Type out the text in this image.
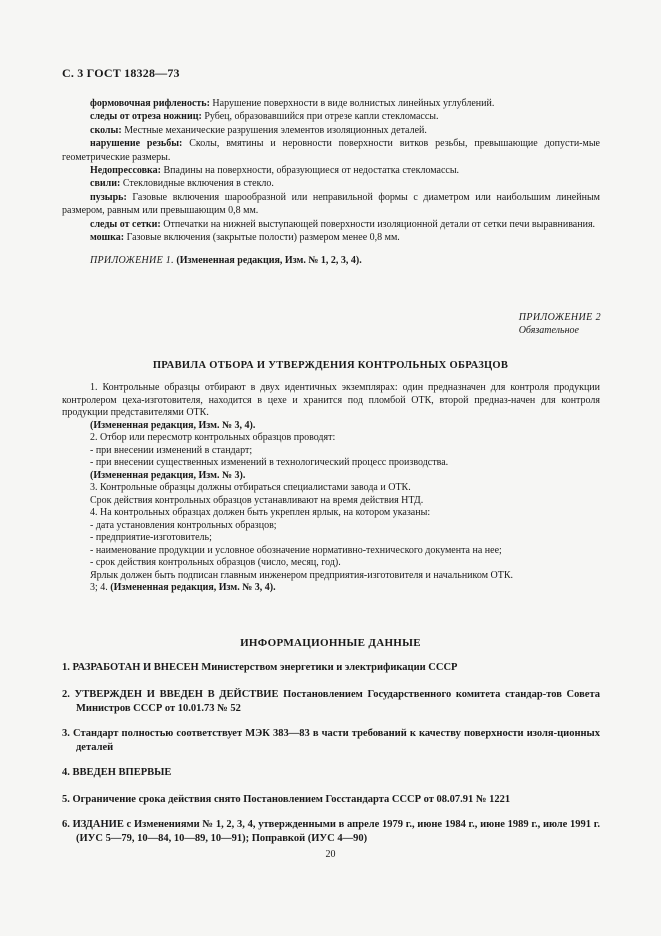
С. 3 ГОСТ 18328—73

формовочная рифленость: Нарушение поверхности в виде волнистых линейных углублений.

следы от отреза ножниц: Рубец, образовавшийся при отрезе капли стекломассы.

сколы: Местные механические разрушения элементов изоляционных деталей.

нарушение резьбы: Сколы, вмятины и неровности поверхности витков резьбы, превышающие допусти-мые геометрические размеры.

Недопрессовка: Впадины на поверхности, образующиеся от недостатка стекломассы.

свили: Стекловидные включения в стекло.

пузырь: Газовые включения шарообразной или неправильной формы с диаметром или наибольшим линейным размером, равным или превышающим 0,8 мм.

следы от сетки: Отпечатки на нижней выступающей поверхности изоляционной детали от сетки печи выравнивания.

мошка: Газовые включения (закрытые полости) размером менее 0,8 мм.

ПРИЛОЖЕНИЕ 1. (Измененная редакция, Изм. № 1, 2, 3, 4).
ПРИЛОЖЕНИЕ 2
Обязательное
ПРАВИЛА ОТБОРА И УТВЕРЖДЕНИЯ КОНТРОЛЬНЫХ ОБРАЗЦОВ

1. Контрольные образцы отбирают в двух идентичных экземплярах: один предназначен для контроля продукции контролером цеха-изготовителя, находится в цехе и хранится под пломбой ОТК, второй предназ-начен для контроля продукции представителями ОТК.

(Измененная редакция, Изм. № 3, 4).

2. Отбор или пересмотр контрольных образцов проводят:

- при внесении изменений в стандарт;

- при внесении существенных изменений в технологический процесс производства.

(Измененная редакция, Изм. № 3).

3. Контрольные образцы должны отбираться специалистами завода и ОТК.

Срок действия контрольных образцов устанавливают на время действия НТД.

4. На контрольных образцах должен быть укреплен ярлык, на котором указаны:

- дата установления контрольных образцов;

- предприятие-изготовитель;

- наименование продукции и условное обозначение нормативно-технического документа на нее;

- срок действия контрольных образцов (число, месяц, год).

Ярлык должен быть подписан главным инженером предприятия-изготовителя и начальником ОТК.

3; 4. (Измененная редакция, Изм. № 3, 4).

ИНФОРМАЦИОННЫЕ ДАННЫЕ
1. РАЗРАБОТАН И ВНЕСЕН Министерством энергетики и электрификации СССР
2. УТВЕРЖДЕН И ВВЕДЕН В ДЕЙСТВИЕ Постановлением Государственного комитета стандар-тов Совета Министров СССР от 10.01.73 № 52
3. Стандарт полностью соответствует МЭК 383—83 в части требований к качеству поверхности изоля-ционных деталей
4. ВВЕДЕН ВПЕРВЫЕ
5. Ограничение срока действия снято Постановлением Госстандарта СССР от 08.07.91 № 1221
6. ИЗДАНИЕ с Изменениями № 1, 2, 3, 4, утвержденными в апреле 1979 г., июне 1984 г., июне 1989 г., июле 1991 г. (ИУС 5—79, 10—84, 10—89, 10—91); Поправкой (ИУС 4—90)
20
